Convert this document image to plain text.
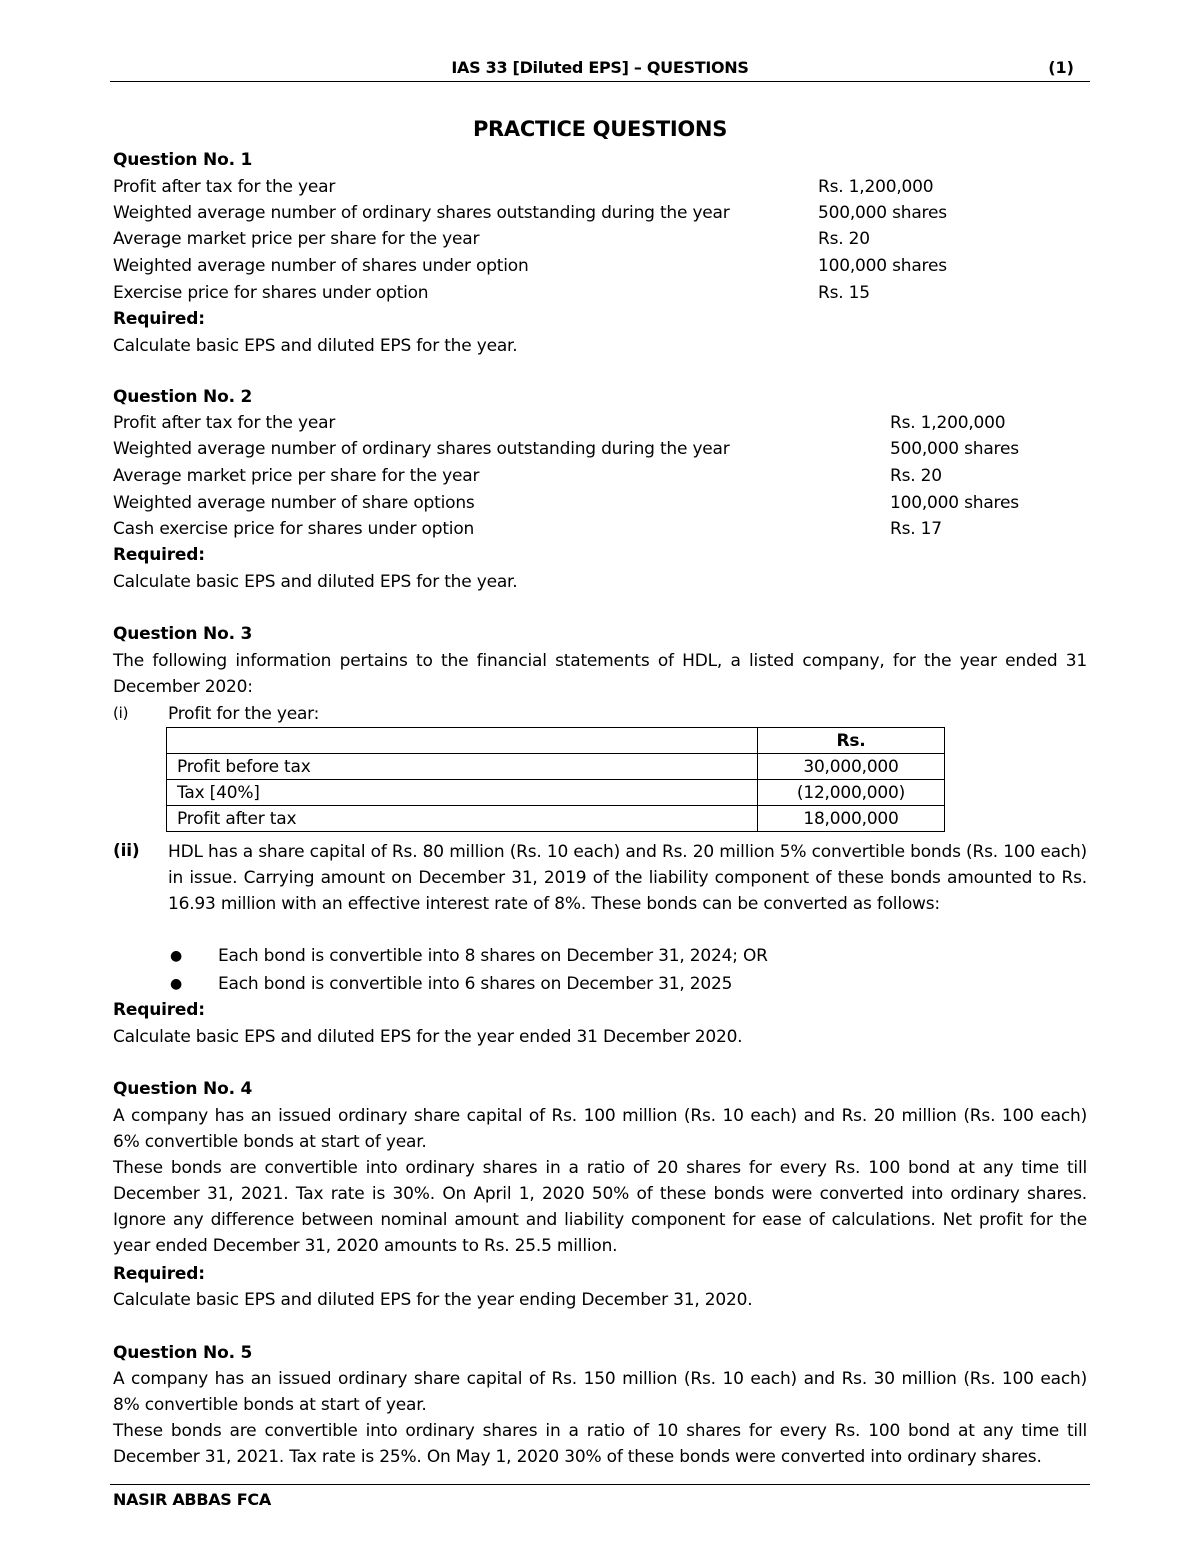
IAS 33 [Diluted EPS] – QUESTIONS	(1)
PRACTICE QUESTIONS
Question No. 1
Profit after tax for the year	Rs. 1,200,000
Weighted average number of ordinary shares outstanding during the year	500,000 shares
Average market price per share for the year	Rs. 20
Weighted average number of shares under option	100,000 shares
Exercise price for shares under option	Rs. 15
Required:
Calculate basic EPS and diluted EPS for the year.
Question No. 2
Profit after tax for the year	Rs. 1,200,000
Weighted average number of ordinary shares outstanding during the year	500,000 shares
Average market price per share for the year	Rs. 20
Weighted average number of share options	100,000 shares
Cash exercise price for shares under option	Rs. 17
Required:
Calculate basic EPS and diluted EPS for the year.
Question No. 3
The following information pertains to the financial statements of HDL, a listed company, for the year ended 31 December 2020:
(i) Profit for the year:
	Rs.
Profit before tax	30,000,000
Tax [40%]	(12,000,000)
Profit after tax	18,000,000
(ii) HDL has a share capital of Rs. 80 million (Rs. 10 each) and Rs. 20 million 5% convertible bonds (Rs. 100 each) in issue. Carrying amount on December 31, 2019 of the liability component of these bonds amounted to Rs. 16.93 million with an effective interest rate of 8%. These bonds can be converted as follows:
● Each bond is convertible into 8 shares on December 31, 2024; OR
● Each bond is convertible into 6 shares on December 31, 2025
Required:
Calculate basic EPS and diluted EPS for the year ended 31 December 2020.
Question No. 4
A company has an issued ordinary share capital of Rs. 100 million (Rs. 10 each) and Rs. 20 million (Rs. 100 each) 6% convertible bonds at start of year.
These bonds are convertible into ordinary shares in a ratio of 20 shares for every Rs. 100 bond at any time till December 31, 2021. Tax rate is 30%. On April 1, 2020 50% of these bonds were converted into ordinary shares. Ignore any difference between nominal amount and liability component for ease of calculations. Net profit for the year ended December 31, 2020 amounts to Rs. 25.5 million.
Required:
Calculate basic EPS and diluted EPS for the year ending December 31, 2020.
Question No. 5
A company has an issued ordinary share capital of Rs. 150 million (Rs. 10 each) and Rs. 30 million (Rs. 100 each) 8% convertible bonds at start of year.
These bonds are convertible into ordinary shares in a ratio of 10 shares for every Rs. 100 bond at any time till December 31, 2021. Tax rate is 25%. On May 1, 2020 30% of these bonds were converted into ordinary shares.
NASIR ABBAS FCA
